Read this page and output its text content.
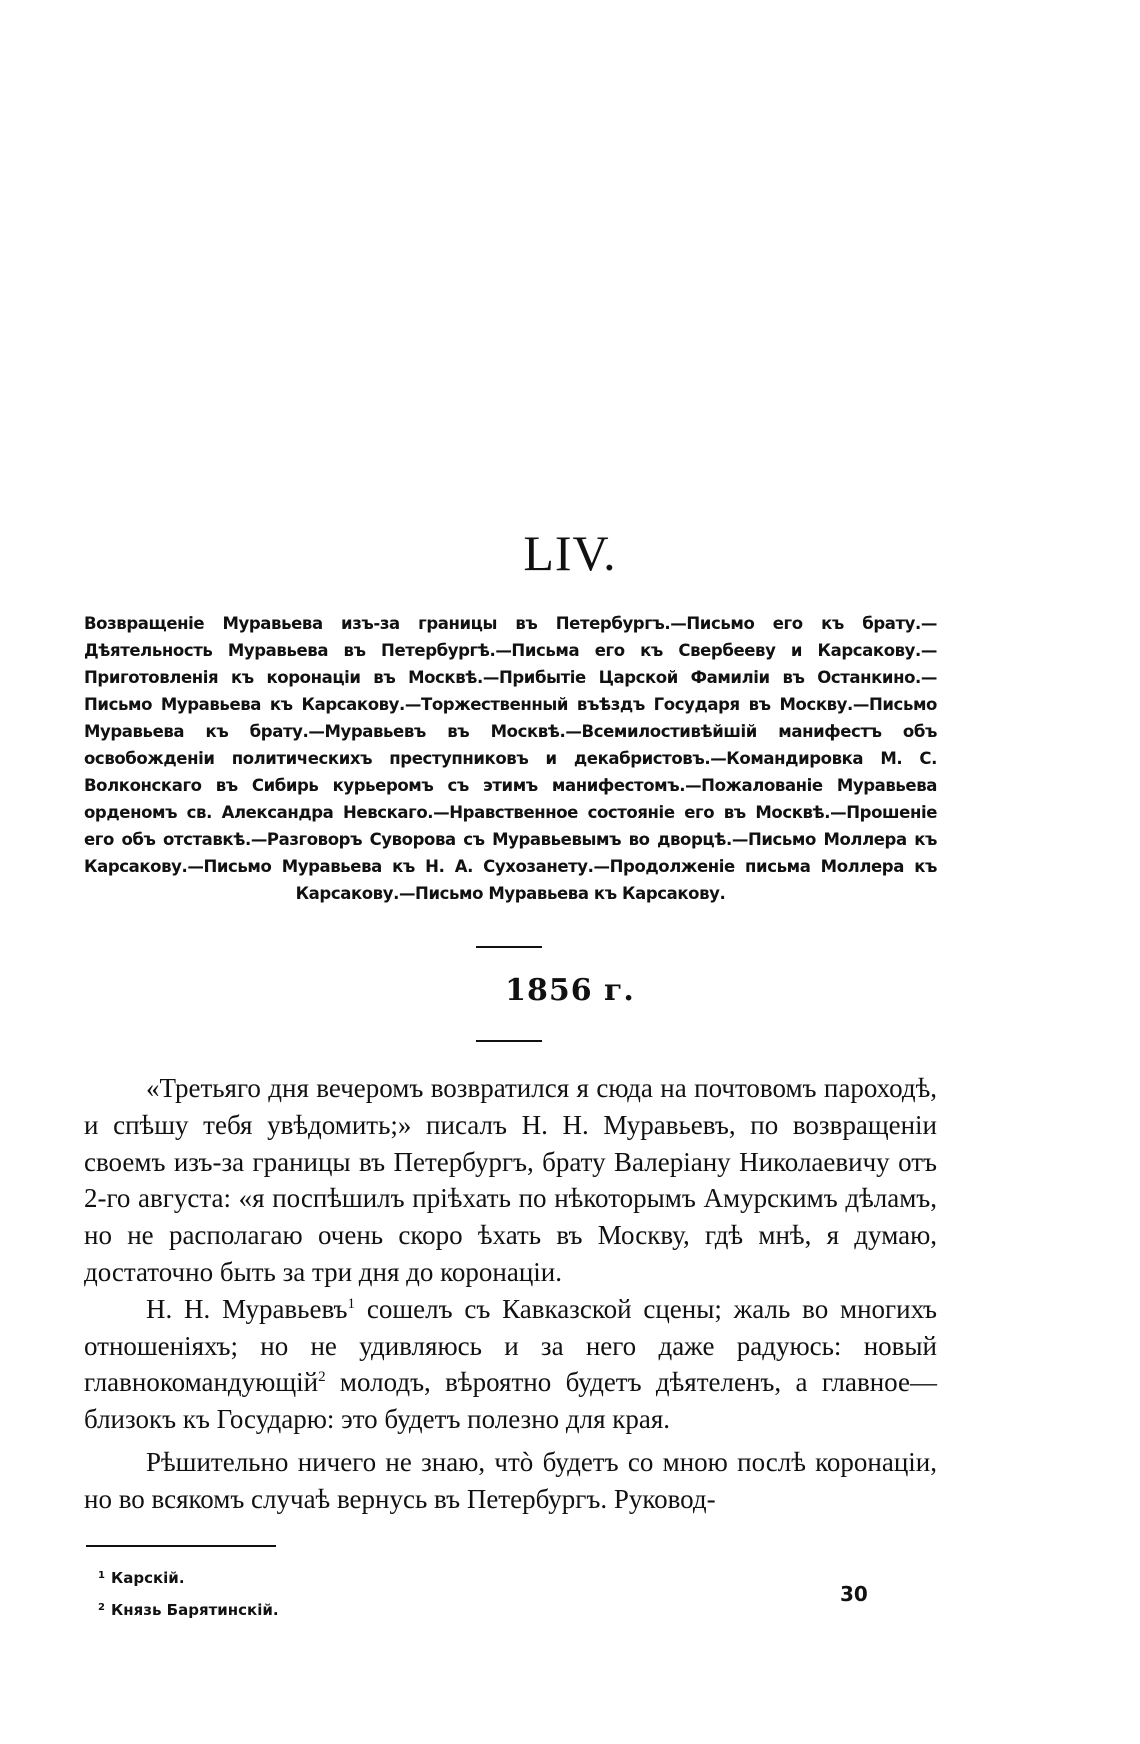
LIV.
Возвращеніе Муравьева изъ-за границы въ Петербургъ.—Письмо его къ брату.—Дѣятельность Муравьева въ Петербургѣ.—Письма его къ Свербееву и Карсакову.—Приготовленія къ коронаціи въ Москвѣ.—Прибытіе Царской Фамиліи въ Останкино.—Письмо Муравьева къ Карсакову.—Торжественный въѣздъ Государя въ Москву.—Письмо Муравьева къ брату.—Муравьевъ въ Москвѣ.—Всемилостивѣйшій манифестъ объ освобожденіи политическихъ преступниковъ и декабристовъ.—Командировка М. С. Волконскаго въ Сибирь курьеромъ съ этимъ манифестомъ.—Пожалованіе Муравьева орденомъ св. Александра Невскаго.—Нравственное состояніе его въ Москвѣ.—Прошеніе его объ отставкѣ.—Разговоръ Суворова съ Муравьевымъ во дворцѣ.—Письмо Моллера къ Карсакову.—Письмо Муравьева къ Н. А. Сухозанету.—Продолженіе письма Моллера къ Карсакову.—Письмо Муравьева къ Карсакову.
1856 г.

«Третьяго дня вечеромъ возвратился я сюда на почтовомъ пароходѣ, и спѣшу тебя увѣдомить;» писалъ Н. Н. Муравьевъ, по возвращеніи своемъ изъ-за границы въ Петербургъ, брату Валеріану Николаевичу отъ 2-го августа: «я поспѣшилъ пріѣхать по нѣкоторымъ Амурскимъ дѣламъ, но не располагаю очень скоро ѣхать въ Москву, гдѣ мнѣ, я думаю, достаточно быть за три дня до коронаціи.

Н. Н. Муравьевъ$^1$ сошелъ съ Кавказской сцены; жаль во многихъ отношеніяхъ; но не удивляюсь и за него даже радуюсь: новый главнокомандующій$^2$ молодъ, вѣроятно будетъ дѣятеленъ, а главное—близокъ къ Государю: это будетъ полезно для края.

Рѣшительно ничего не знаю, чтò будетъ со мною послѣ коронаціи, но во всякомъ случаѣ вернусь въ Петербургъ. Руковод-

$^1$ Карскій.
$^2$ Князь Барятинскій.
30
